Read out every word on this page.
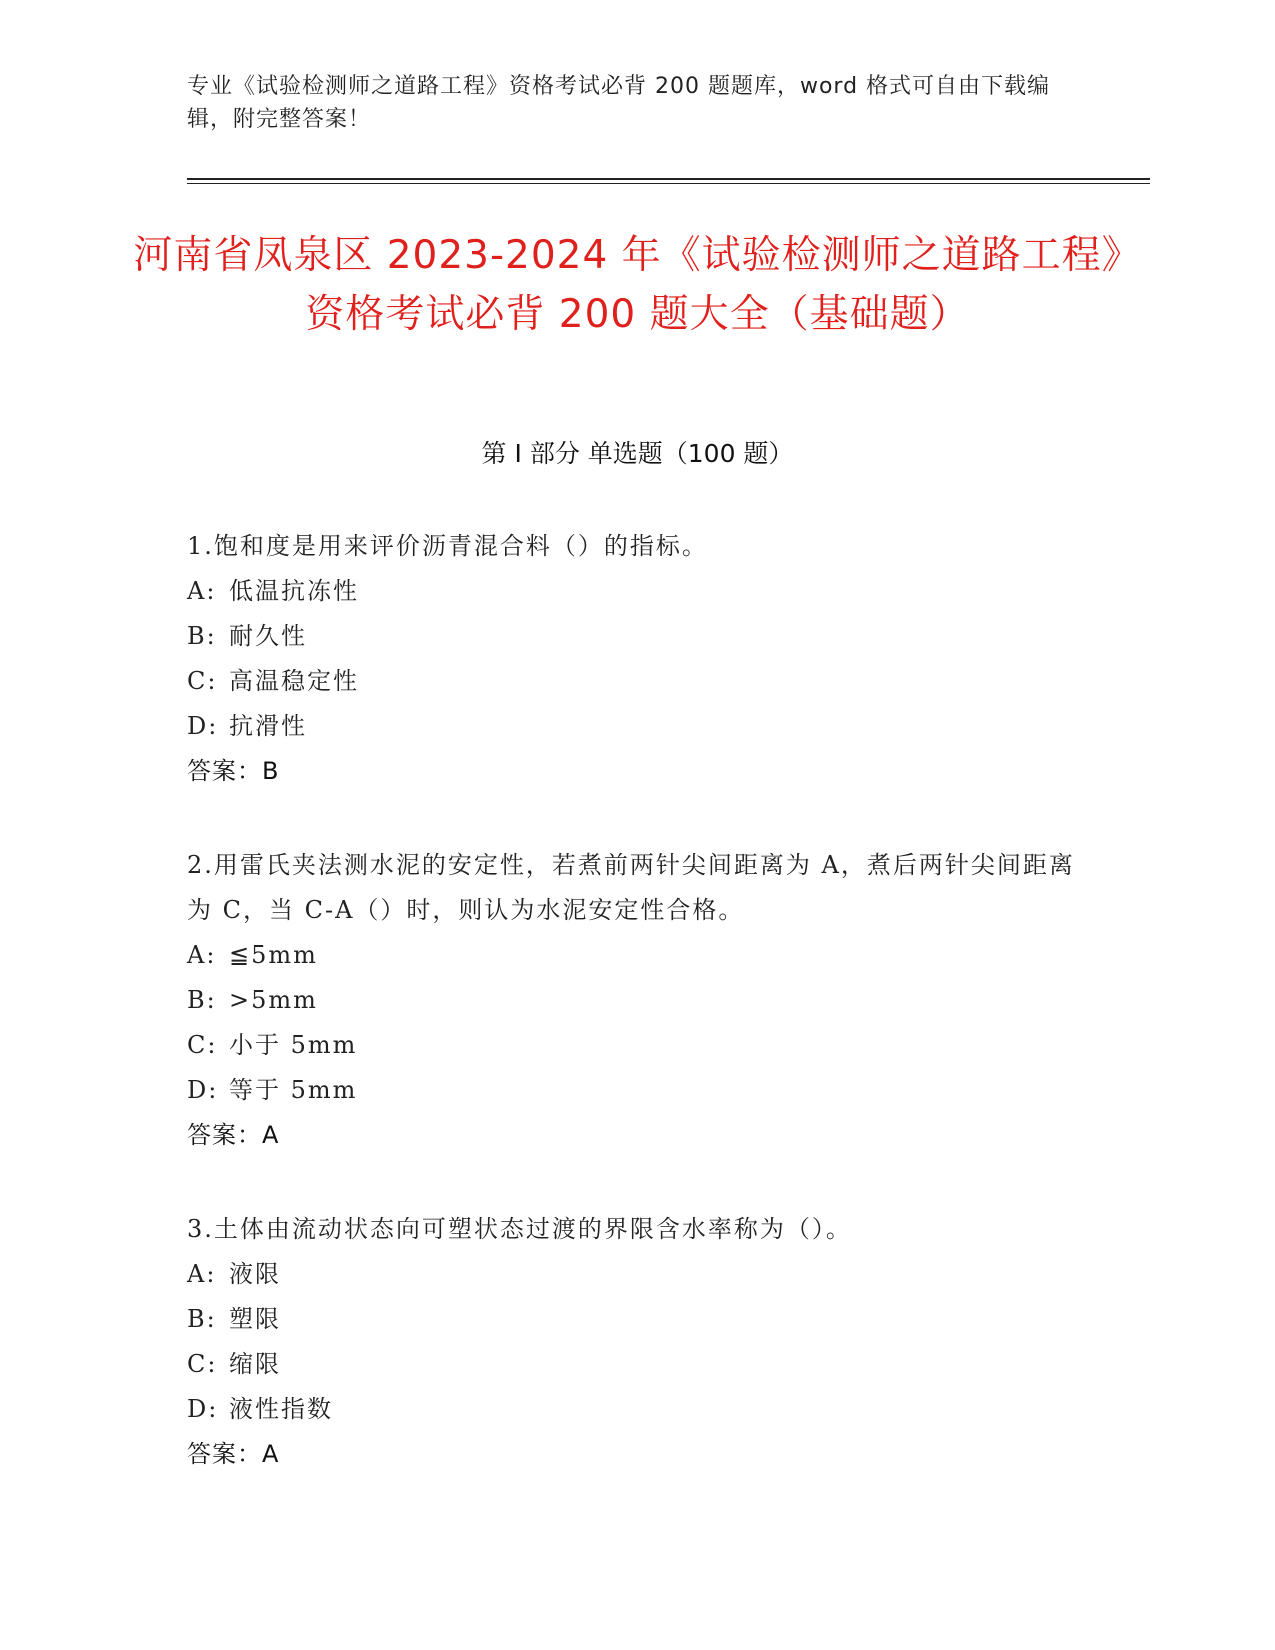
专业《试验检测师之道路工程》资格考试必背 200 题题库，word 格式可自由下载编辑，附完整答案！
河南省凤泉区 2023-2024 年《试验检测师之道路工程》资格考试必背 200 题大全（基础题）
第 I 部分 单选题（100 题）
1.饱和度是用来评价沥青混合料（）的指标。
A: 低温抗冻性
B: 耐久性
C: 高温稳定性
D: 抗滑性
答案：B
2.用雷氏夹法测水泥的安定性，若煮前两针尖间距离为 A，煮后两针尖间距离为 C，当 C-A（）时，则认为水泥安定性合格。
A: ≦5mm
B: >5mm
C: 小于 5mm
D: 等于 5mm
答案：A
3.土体由流动状态向可塑状态过渡的界限含水率称为（）。
A: 液限
B: 塑限
C: 缩限
D: 液性指数
答案：A
